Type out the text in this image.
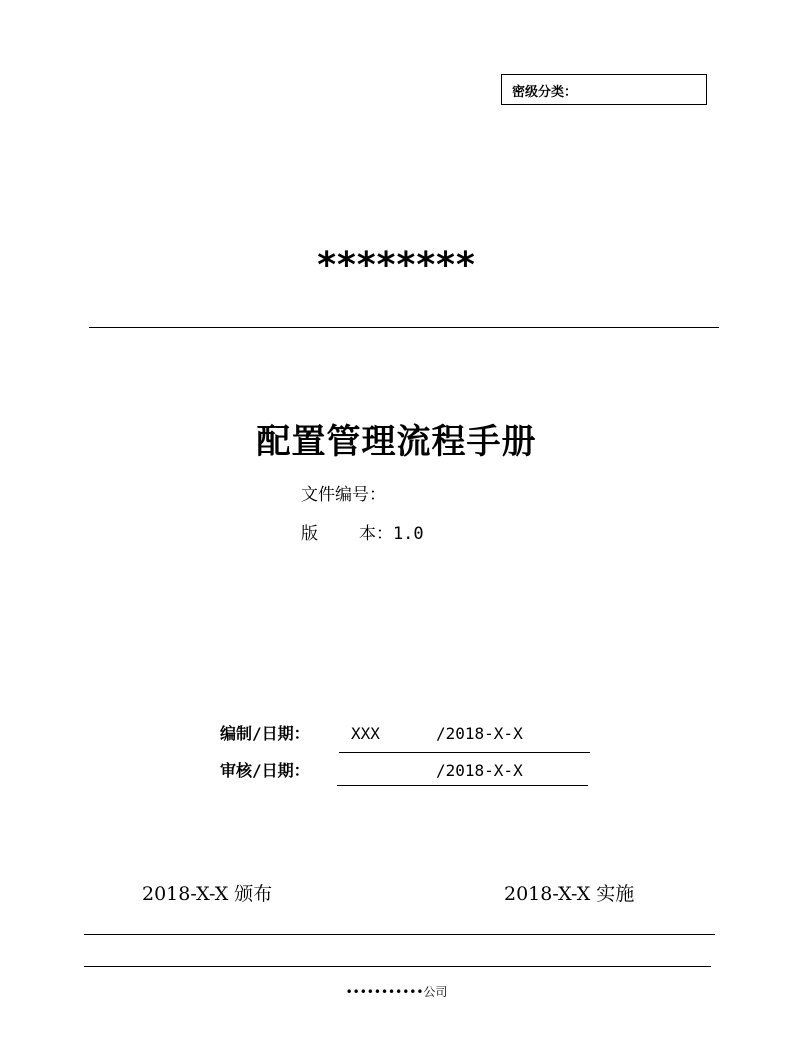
密级分类：
********
配置管理流程手册
文件编号：
版    本：1.0
编制/日期：	XXX	/2018-X-X
审核/日期：	/2018-X-X
2018-X-X 颁布	2018-X-X 实施
•••••••••••公司
